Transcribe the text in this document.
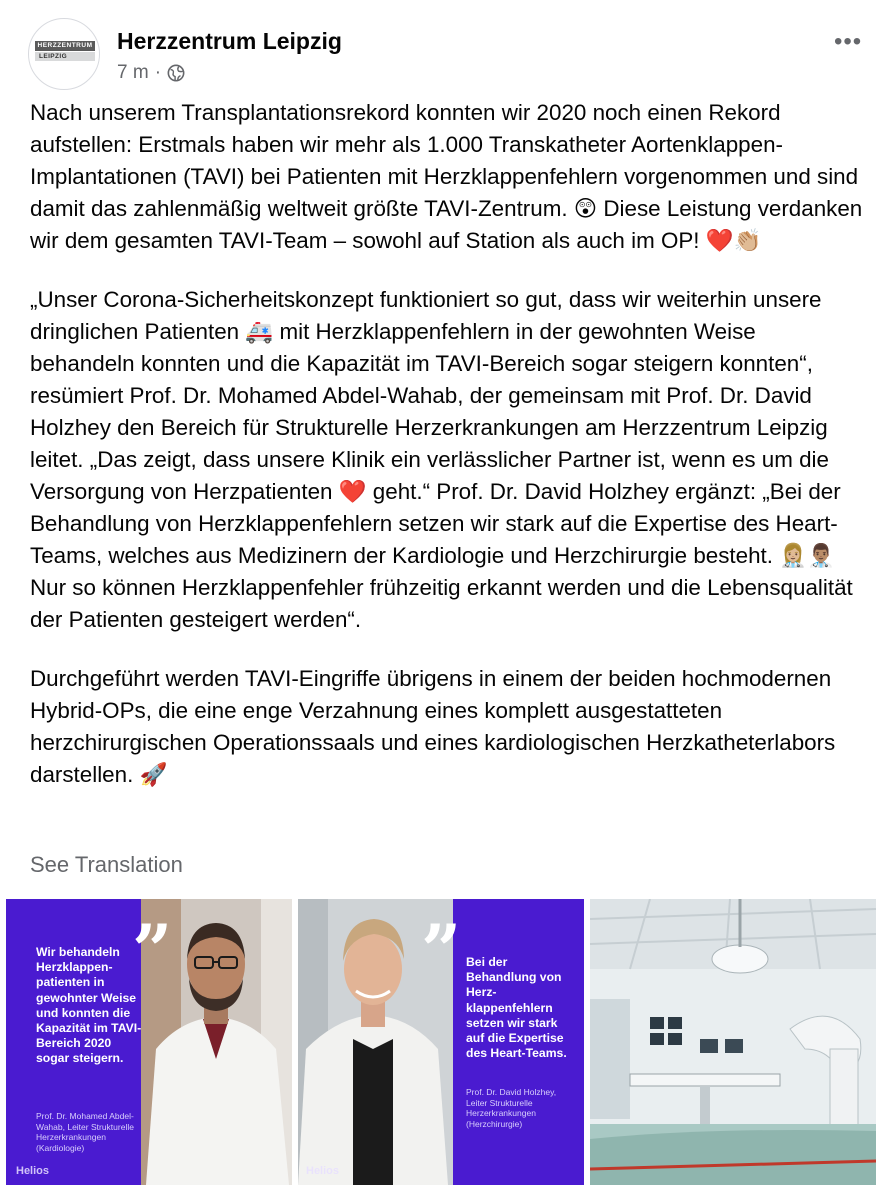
HERZZENTRUM
LEIPZIG
Herzzentrum Leipzig
7 m ·
•••

Nach unserem Transplantationsrekord konnten wir 2020 noch einen Rekord aufstellen: Erstmals haben wir mehr als 1.000 Transkatheter Aortenklappen-Implantationen (TAVI) bei Patienten mit Herzklappenfehlern vorgenommen und sind damit das zahlenmäßig weltweit größte TAVI-Zentrum. 😲 Diese Leistung verdanken wir dem gesamten TAVI-Team – sowohl auf Station als auch im OP! ❤️👏🏼

„Unser Corona-Sicherheitskonzept funktioniert so gut, dass wir weiterhin unsere dringlichen Patienten 🚑 mit Herzklappenfehlern in der gewohnten Weise behandeln konnten und die Kapazität im TAVI-Bereich sogar steigern konnten“, resümiert Prof. Dr. Mohamed Abdel-Wahab, der gemeinsam mit Prof. Dr. David Holzhey den Bereich für Strukturelle Herzerkrankungen am Herzzentrum Leipzig leitet. „Das zeigt, dass unsere Klinik ein verlässlicher Partner ist, wenn es um die Versorgung von Herzpatienten ❤️ geht.“ Prof. Dr. David Holzhey ergänzt: „Bei der Behandlung von Herzklappenfehlern setzen wir stark auf die Expertise des Heart-Teams, welches aus Medizinern der Kardiologie und Herzchirurgie besteht. 👩🏼‍⚕️👨🏽‍⚕️ Nur so können Herzklappenfehler frühzeitig erkannt werden und die Lebensqualität der Patienten gesteigert werden“.

Durchgeführt werden TAVI-Eingriffe übrigens in einem der beiden hochmodernen Hybrid-OPs, die eine enge Verzahnung eines komplett ausgestatteten herzchirurgischen Operationssaals und eines kardiologischen Herzkatheterlabors darstellen. 🚀

See Translation
”
Wir behandeln Herzklappen-patienten in gewohnter Weise und konnten die Kapazität im TAVI-Bereich 2020 sogar steigern.
Prof. Dr. Mohamed Abdel-Wahab, Leiter Strukturelle Herzerkrankungen (Kardiologie)
Helios
” Bei der Behandlung von Herz-klappenfehlern setzen wir stark auf die Expertise des Heart-Teams.
Prof. Dr. David Holzhey, Leiter Strukturelle Herzerkrankungen (Herzchirurgie)
Helios
